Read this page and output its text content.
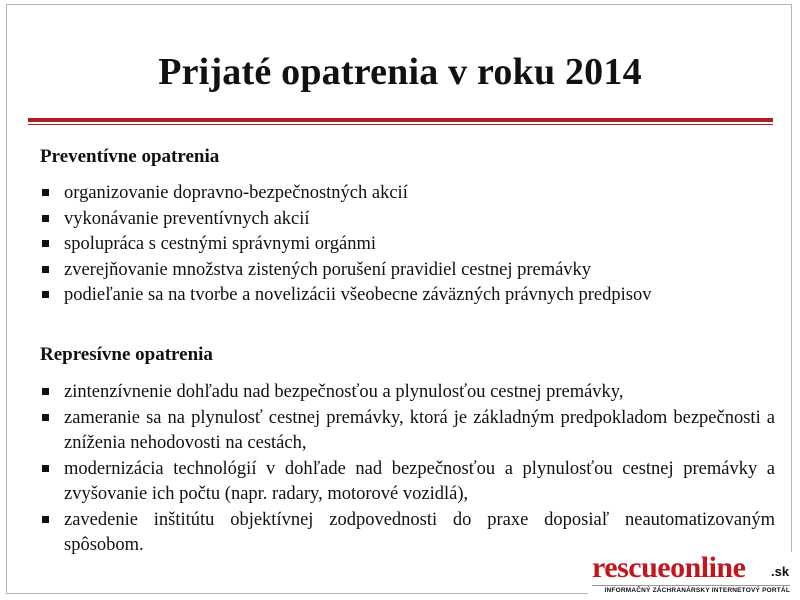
Prijaté opatrenia v roku 2014
Preventívne opatrenia
organizovanie dopravno-bezpečnostných akcií
vykonávanie preventívnych akcií
spolupráca s cestnými správnymi orgánmi
zverejňovanie množstva zistených porušení pravidiel cestnej premávky
podieľanie sa na tvorbe a novelizácii všeobecne záväzných právnych predpisov
Represívne opatrenia
zintenzívnenie dohľadu nad bezpečnosťou a plynulosťou cestnej premávky,
zameranie sa na plynulosť cestnej premávky, ktorá je základným predpokladom bezpečnosti a zníženia nehodovosti na cestách,
modernizácia technológií v dohľade nad bezpečnosťou a plynulosťou cestnej premávky a zvyšovanie ich počtu (napr. radary, motorové vozidlá),
zavedenie inštitútu objektívnej zodpovednosti do praxe doposiaľ neautomatizovaným spôsobom.
rescueonline .sk
INFORMAČNÝ ZÁCHRANÁRSKY INTERNETOVÝ PORTÁL
